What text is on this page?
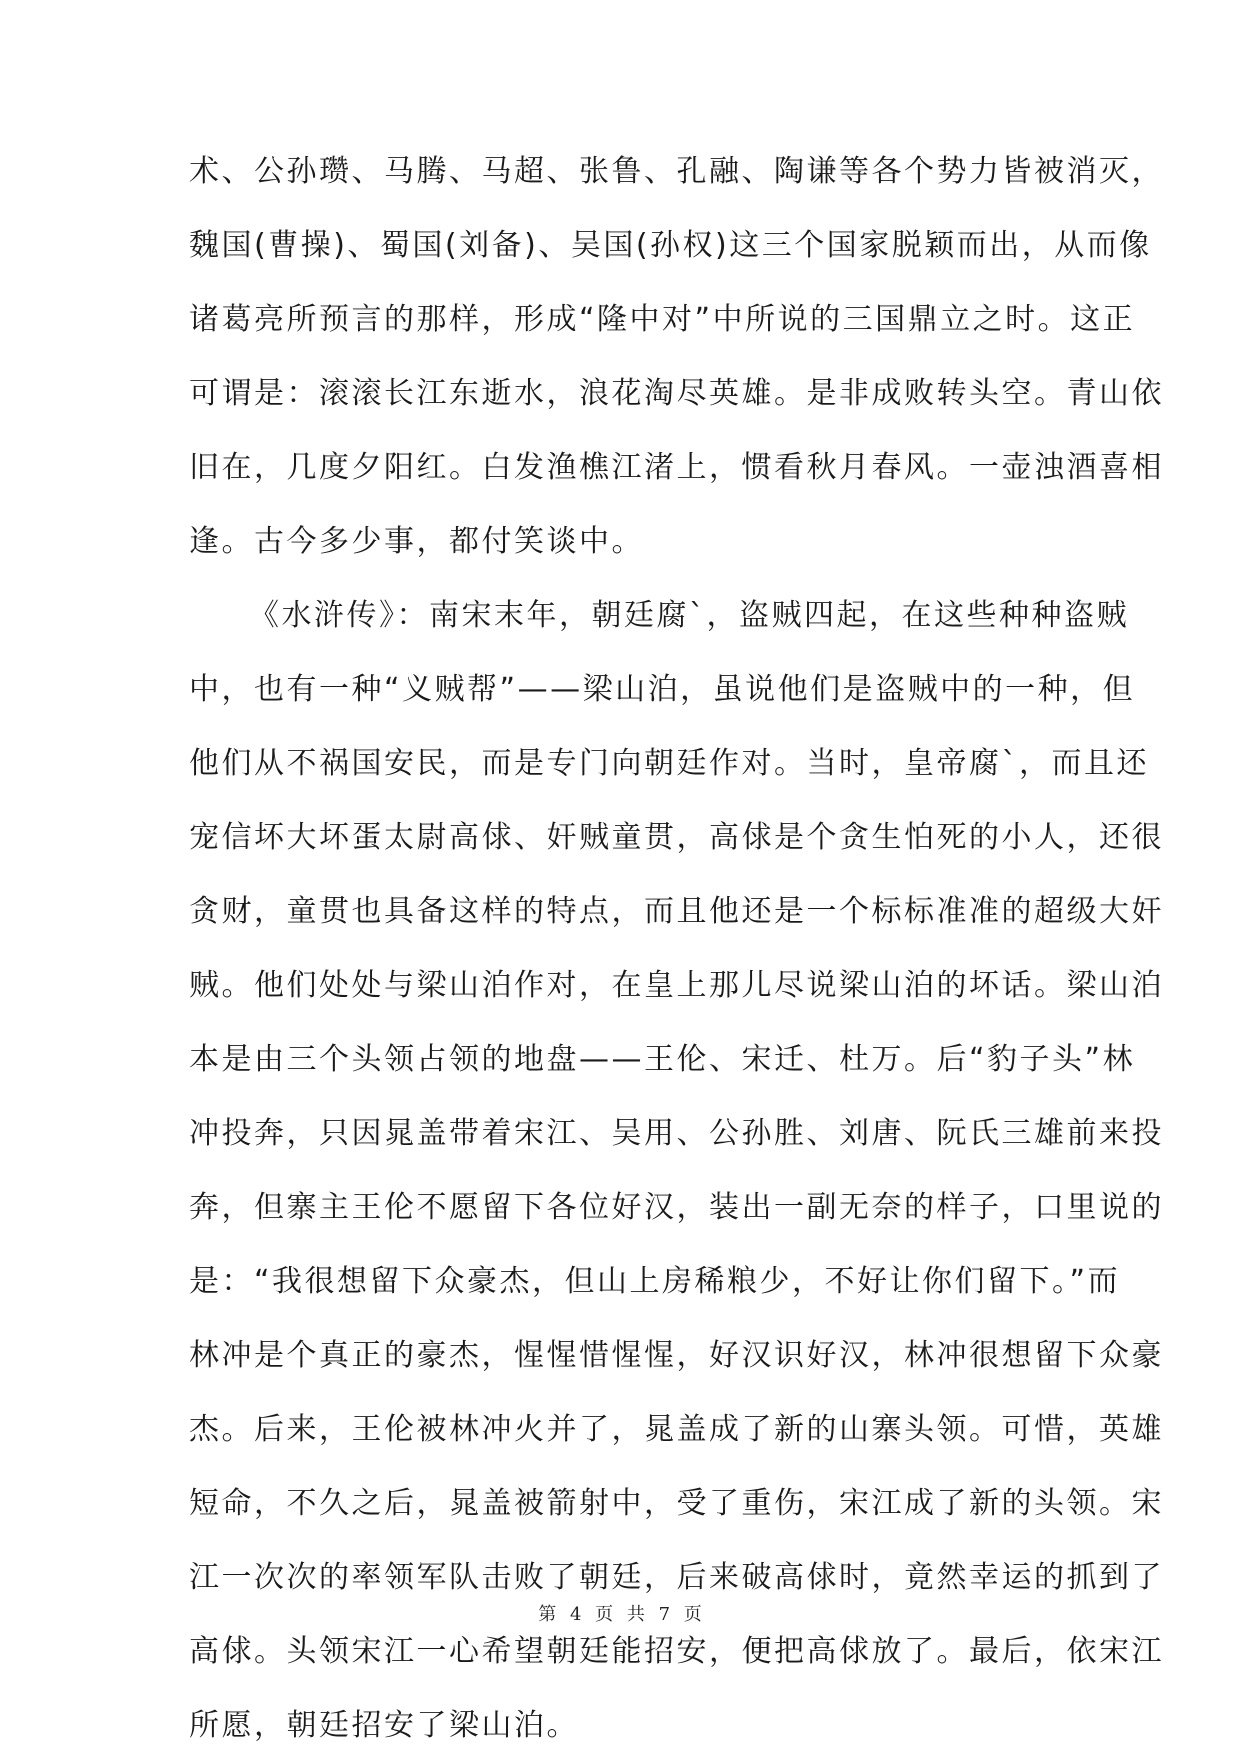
术、公孙瓒、马腾、马超、张鲁、孔融、陶谦等各个势力皆被消灭，

魏国(曹操)、蜀国(刘备)、吴国(孙权)这三个国家脱颖而出，从而像

诸葛亮所预言的那样，形成“隆中对”中所说的三国鼎立之时。这正

可谓是：滚滚长江东逝水，浪花淘尽英雄。是非成败转头空。青山依

旧在，几度夕阳红。白发渔樵江渚上，惯看秋月春风。一壶浊酒喜相

逢。古今多少事，都付笑谈中。

《水浒传》：南宋末年，朝廷腐`，盗贼四起，在这些种种盗贼

中，也有一种“义贼帮”——梁山泊，虽说他们是盗贼中的一种，但

他们从不祸国安民，而是专门向朝廷作对。当时，皇帝腐`，而且还

宠信坏大坏蛋太尉高俅、奸贼童贯，高俅是个贪生怕死的小人，还很

贪财，童贯也具备这样的特点，而且他还是一个标标准准的超级大奸

贼。他们处处与梁山泊作对，在皇上那儿尽说梁山泊的坏话。梁山泊

本是由三个头领占领的地盘——王伦、宋迁、杜万。后“豹子头”林

冲投奔，只因晁盖带着宋江、吴用、公孙胜、刘唐、阮氏三雄前来投

奔，但寨主王伦不愿留下各位好汉，装出一副无奈的样子，口里说的

是：“我很想留下众豪杰，但山上房稀粮少，不好让你们留下。”而

林冲是个真正的豪杰，惺惺惜惺惺，好汉识好汉，林冲很想留下众豪

杰。后来，王伦被林冲火并了，晁盖成了新的山寨头领。可惜，英雄

短命，不久之后，晁盖被箭射中，受了重伤，宋江成了新的头领。宋

江一次次的率领军队击败了朝廷，后来破高俅时，竟然幸运的抓到了

高俅。头领宋江一心希望朝廷能招安，便把高俅放了。最后，依宋江

所愿，朝廷招安了梁山泊。

第 4 页 共 7 页
